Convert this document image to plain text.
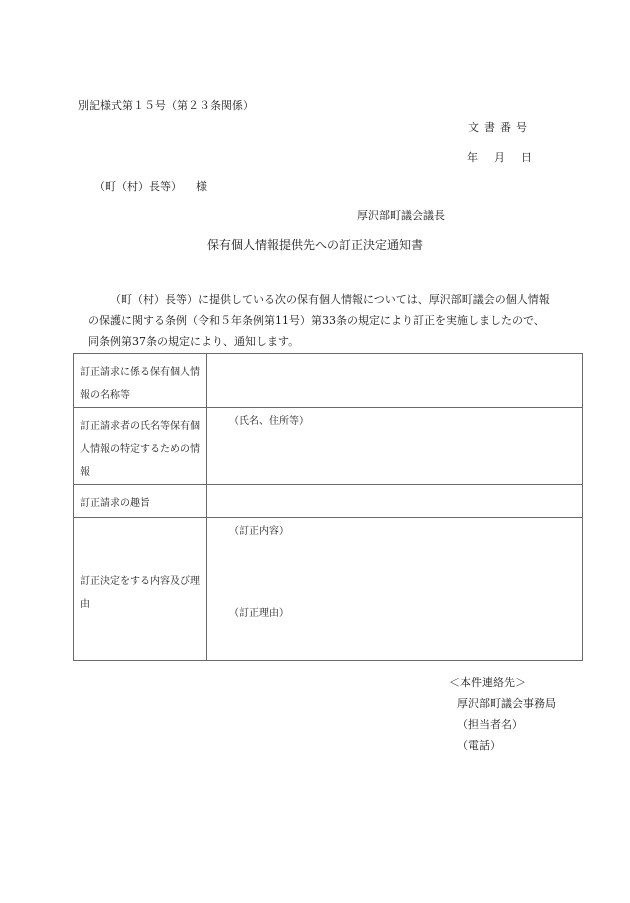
別記様式第１５号（第２３条関係）
文書番号
年 月 日
（町（村）長等） 様
厚沢部町議会議長
保有個人情報提供先への訂正決定通知書
（町（村）長等）に提供している次の保有個人情報については、厚沢部町議会の個人情報
の保護に関する条例（令和５年条例第11号）第33条の規定により訂正を実施しましたので、
同条例第37条の規定により、通知します。
訂正請求に係る保有個人情報の名称等	
訂正請求者の氏名等保有個人情報の特定するための情報	（氏名、住所等）
訂正請求の趣旨	
訂正決定をする内容及び理由	（訂正内容）
（訂正理由）
＜本件連絡先＞
厚沢部町議会事務局
（担当者名）
（電話）
